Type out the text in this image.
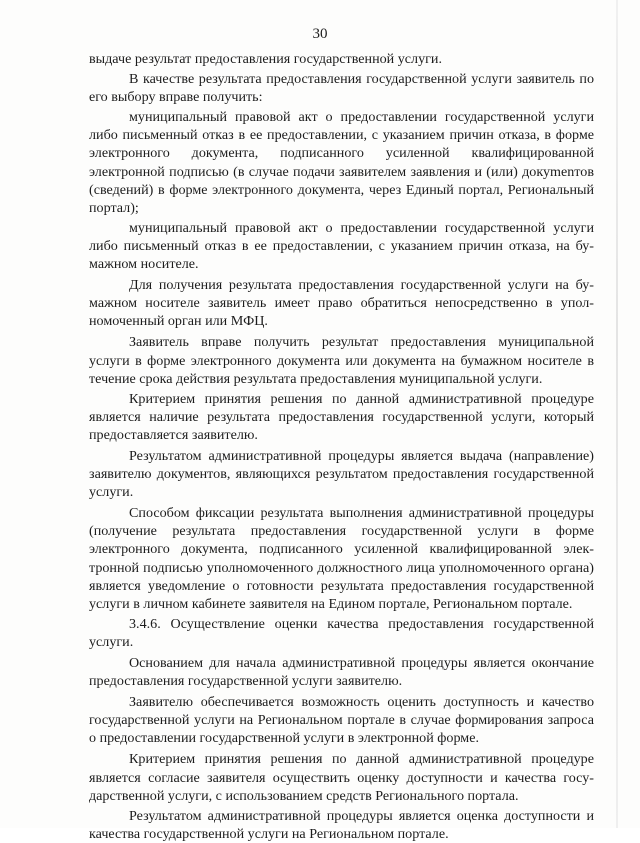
30

выдаче результат предоставления государственной услуги.

В качестве результата предоставления государственной услуги заявитель по его выбору вправе получить:

муниципальный правовой акт о предоставлении государственной услуги либо письменный отказ в ее предоставлении, с указанием причин отказа, в форме электронного документа, подписанного усиленной квалифицированной электронной подписью (в случае подачи заявителем заявления и (или) докуmenтов (сведений) в форме электронного документа, через Единый портал, Региональный портал);

муниципальный правовой акт о предоставлении государственной услуги либо письменный отказ в ее предоставлении, с указанием причин отказа, на бумажном носителе.

Для получения результата предоставления государственной услуги на бумажном носителе заявитель имеет право обратиться непосредственно в уполномоченный орган или МФЦ.

Заявитель вправе получить результат предоставления муниципальной услуги в форме электронного документа или документа на бумажном носителе в течение срока действия результата предоставления муниципальной услуги.

Критерием принятия решения по данной административной процедуре является наличие результата предоставления государственной услуги, который предоставляется заявителю.

Результатом административной процедуры является выдача (направление) заявителю документов, являющихся результатом предоставления государственной услуги.

Способом фиксации результата выполнения административной процедуры (получение результата предоставления государственной услуги в форме электронного документа, подписанного усиленной квалифицированной электронной подписью уполномоченного должностного лица уполномоченного органа) является уведомление о готовности результата предоставления государственной услуги в личном кабинете заявителя на Едином портале, Региональном портале.

3.4.6. Осуществление оценки качества предоставления государственной услуги.

Основанием для начала административной процедуры является окончание предоставления государственной услуги заявителю.

Заявителю обеспечивается возможность оценить доступность и качество государственной услуги на Региональном портале в случае формирования запроса о предоставлении государственной услуги в электронной форме.

Критерием принятия решения по данной административной процедуре является согласие заявителя осуществить оценку доступности и качества государственной услуги, с использованием средств Регионального портала.

Результатом административной процедуры является оценка доступности и качества государственной услуги на Региональном портале.
